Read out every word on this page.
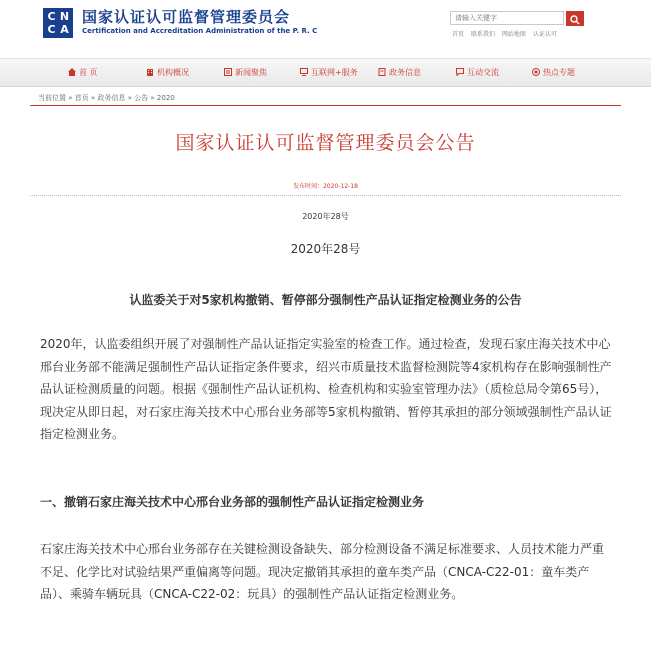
C N
C A
国家认证认可监督管理委员会
Certification and Accreditation Administration of the P. R. C
请输入关键字	首页 联系我们 网站地图 认证认可
首 页	机构概况	新闻聚焦	互联网+服务	政务信息	互动交流	热点专题
当前位置 » 首页 » 政务信息 » 公告 » 2020
国家认证认可监督管理委员会公告
发布时间：2020-12-18
2020年28号
2020年28号
认监委关于对5家机构撤销、暂停部分强制性产品认证指定检测业务的公告
2020年，认监委组织开展了对强制性产品认证指定实验室的检查工作。通过检查，发现石家庄海关技术中心邢台业务部不能满足强制性产品认证指定条件要求，绍兴市质量技术监督检测院等4家机构存在影响强制性产品认证检测质量的问题。根据《强制性产品认证机构、检查机构和实验室管理办法》（质检总局令第65号），现决定从即日起，对石家庄海关技术中心邢台业务部等5家机构撤销、暂停其承担的部分领域强制性产品认证指定检测业务。
一、撤销石家庄海关技术中心邢台业务部的强制性产品认证指定检测业务
石家庄海关技术中心邢台业务部存在关键检测设备缺失、部分检测设备不满足标准要求、人员技术能力严重不足、化学比对试验结果严重偏离等问题。现决定撤销其承担的童车类产品（CNCA-C22-01：童车类产品）、乘骑车辆玩具（CNCA-C22-02：玩具）的强制性产品认证指定检测业务。
